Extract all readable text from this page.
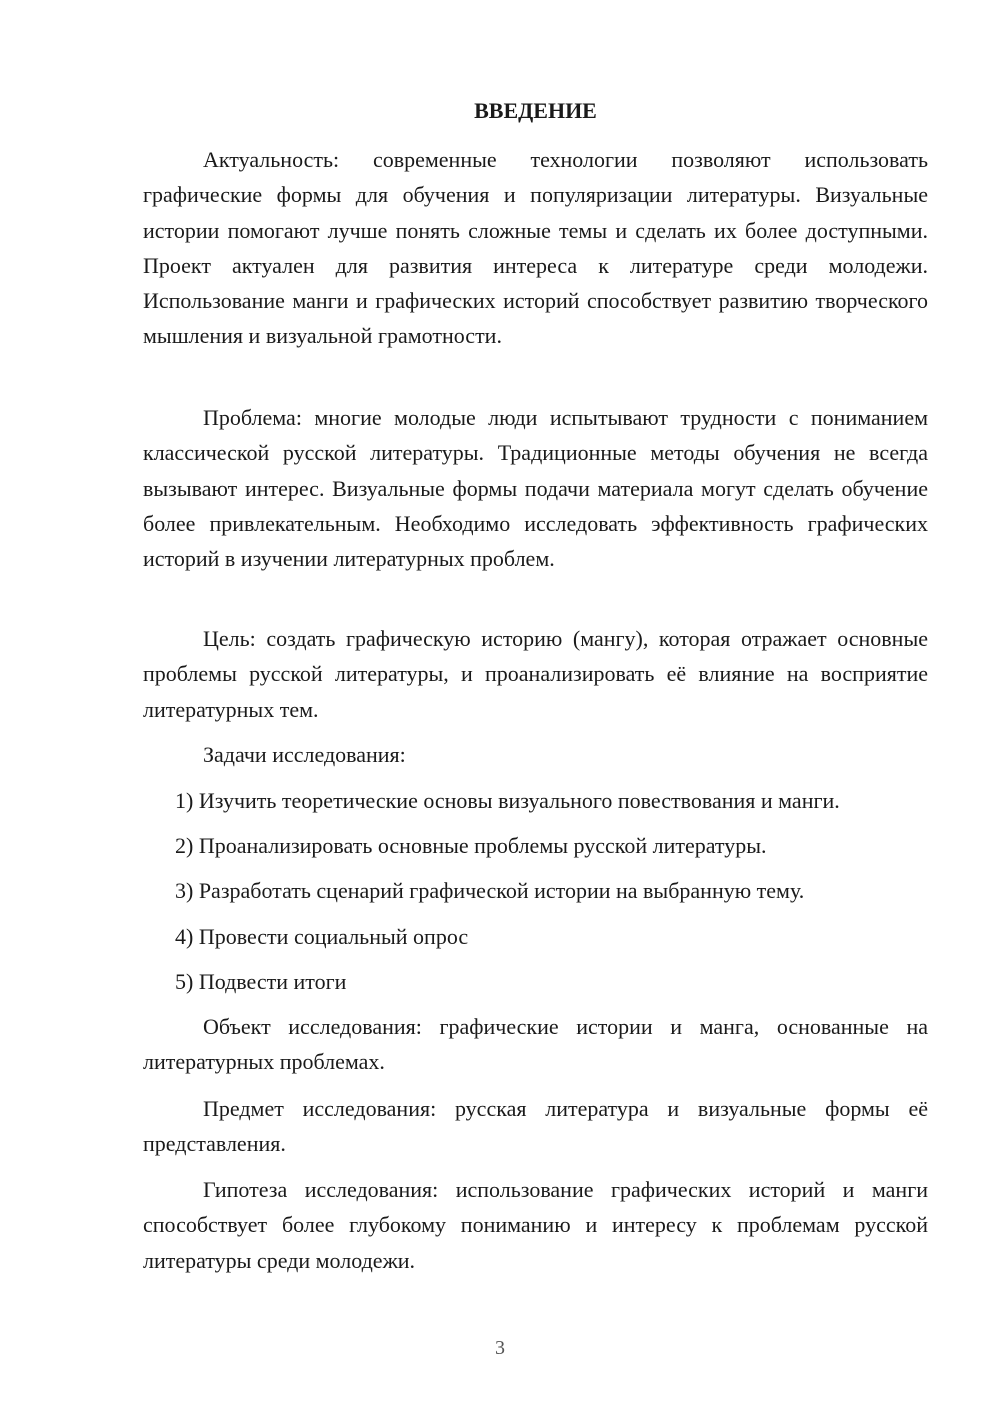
ВВЕДЕНИЕ

Актуальность: современные технологии позволяют использовать графические формы для обучения и популяризации литературы. Визуальные истории помогают лучше понять сложные темы и сделать их более доступными. Проект актуален для развития интереса к литературе среди молодежи. Использование манги и графических историй способствует развитию творческого мышления и визуальной грамотности.

Проблема: многие молодые люди испытывают трудности с пониманием классической русской литературы. Традиционные методы обучения не всегда вызывают интерес. Визуальные формы подачи материала могут сделать обучение более привлекательным. Необходимо исследовать эффективность графических историй в изучении литературных проблем.

Цель: создать графическую историю (мангу), которая отражает основные проблемы русской литературы, и проанализировать её влияние на восприятие литературных тем.

Задачи исследования:

1) Изучить теоретические основы визуального повествования и манги.

2) Проанализировать основные проблемы русской литературы.

3) Разработать сценарий графической истории на выбранную тему.

4) Провести социальный опрос

5) Подвести итоги

Объект исследования: графические истории и манга, основанные на литературных проблемах.

Предмет исследования: русская литература и визуальные формы её представления.

Гипотеза исследования: использование графических историй и манги способствует более глубокому пониманию и интересу к проблемам русской литературы среди молодежи.

3
